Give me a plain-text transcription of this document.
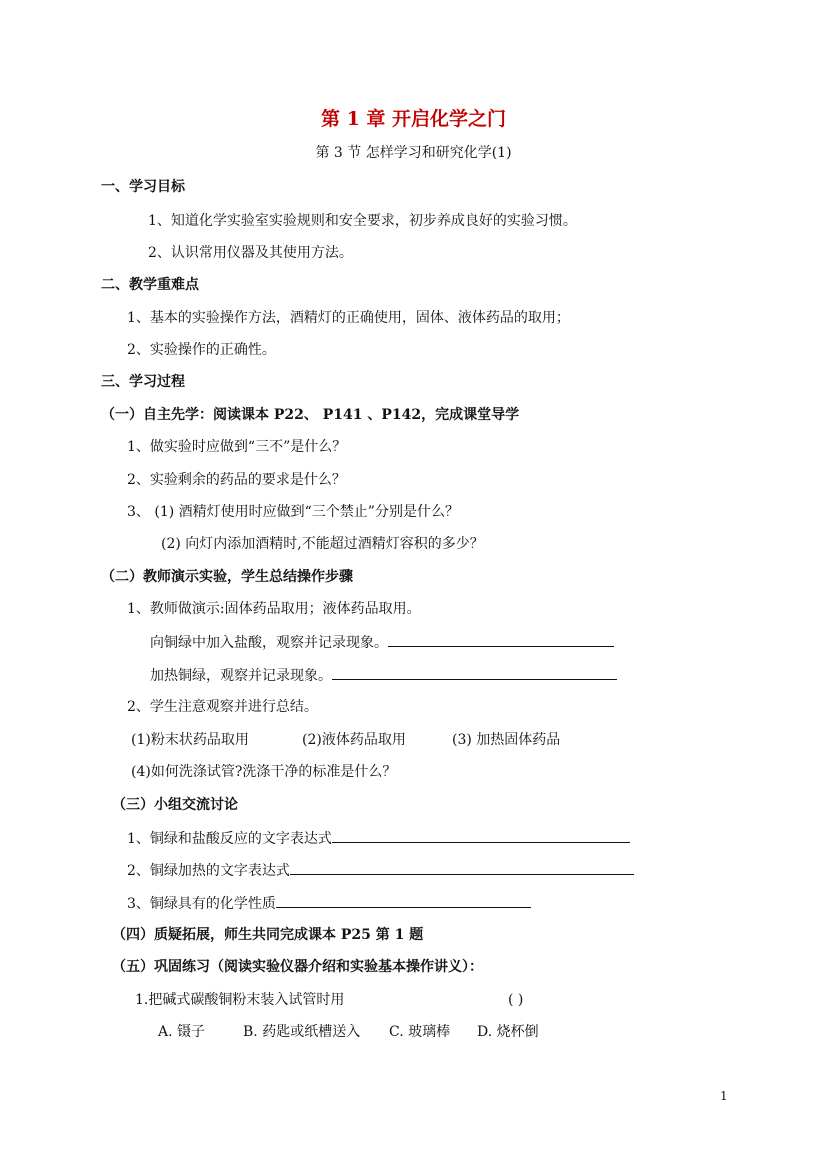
第 1 章 开启化学之门
第 3 节 怎样学习和研究化学(1)
一、学习目标
1、知道化学实验室实验规则和安全要求，初步养成良好的实验习惯。
2、认识常用仪器及其使用方法。
二、教学重难点
1、基本的实验操作方法，酒精灯的正确使用，固体、液体药品的取用；
2、实验操作的正确性。
三、学习过程
（一）自主先学：阅读课本 P22、 P141 、P142，完成课堂导学
1、做实验时应做到“三不”是什么？
2、实验剩余的药品的要求是什么？
3、 (1) 酒精灯使用时应做到“三个禁止”分别是什么？
(2) 向灯内添加酒精时,不能超过酒精灯容积的多少？
（二）教师演示实验，学生总结操作步骤
1、教师做演示:固体药品取用；液体药品取用。
向铜绿中加入盐酸，观察并记录现象。
加热铜绿，观察并记录现象。
2、学生注意观察并进行总结。
(1)粉末状药品取用	(2)液体药品取用	(3) 加热固体药品
(4)如何洗涤试管?洗涤干净的标准是什么？
（三）小组交流讨论
1、铜绿和盐酸反应的文字表达式
2、铜绿加热的文字表达式
3、铜绿具有的化学性质
（四）质疑拓展，师生共同完成课本 P25 第 1 题
（五）巩固练习（阅读实验仪器介绍和实验基本操作讲义）：
1.把碱式碳酸铜粉末装入试管时用	( )
A. 镊子	B. 药匙或纸槽送入 C. 玻璃棒 D. 烧杯倒
1
